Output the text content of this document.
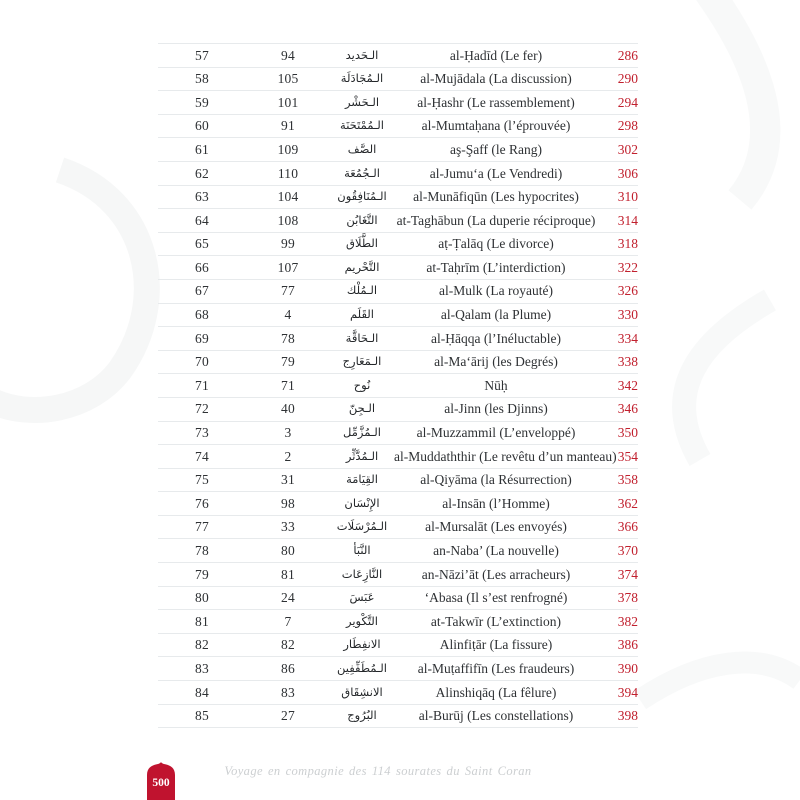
57	94	الـحَديد	al-Ḥadīd (Le fer)	286
58	105	الـمُجَادَلَة	al-Mujādala (La discussion)	290
59	101	الـحَشْر	al-Ḥashr (Le rassemblement)	294
60	91	الـمُمْتَحَنَة	al-Mumtaḥana (l’éprouvée)	298
61	109	الصَّف	aş-Şaff (le Rang)	302
62	110	الـجُمُعَة	al-Jumu‘a (Le Vendredi)	306
63	104	الـمُنَافِقُون	al-Munāfiqūn (Les hypocrites)	310
64	108	التَّغَابُن	at-Taghābun (La duperie réciproque)	314
65	99	الطَّلَاق	aṭ-Ṭalāq (Le divorce)	318
66	107	التَّحْريم	at-Taḥrīm (L’interdiction)	322
67	77	الـمُلْك	al-Mulk (La royauté)	326
68	4	القَلَم	al-Qalam (la Plume)	330
69	78	الـحَاقَّة	al-Ḥāqqa (l’Inéluctable)	334
70	79	الـمَعَارِج	al-Ma‘ārij (les Degrés)	338
71	71	نُوح	Nūḥ	342
72	40	الـجِنّ	al-Jinn (les Djinns)	346
73	3	الـمُزَّمِّل	al-Muzzammil (L’enveloppé)	350
74	2	الـمُدَّثِّر	al-Muddaththir (Le revêtu d’un manteau) 354
75	31	القِيَامَة	al-Qiyāma (la Résurrection)	358
76	98	الإِنْسَان	al-Insān (l’Homme)	362
77	33	الـمُرْسَلَات	al-Mursalāt (Les envoyés)	366
78	80	النَّبَأ	an-Naba’ (La nouvelle)	370
79	81	النَّازِعَات	an-Nāzi’āt (Les arracheurs)	374
80	24	عَبَسَ	‘Abasa (Il s’est renfrogné)	378
81	7	التَّكْوير	at-Takwīr (L’extinction)	382
82	82	الانفِطَار	Alinfiṭār (La fissure)	386
83	86	الـمُطَفِّفِين	al-Muṭaffifīn (Les fraudeurs)	390
84	83	الانشِقَاق	Alinshiqāq (La fêlure)	394
85	27	البُرُوج	al-Burūj (Les constellations)	398
Voyage en compagnie des 114 sourates du Saint Coran
500
